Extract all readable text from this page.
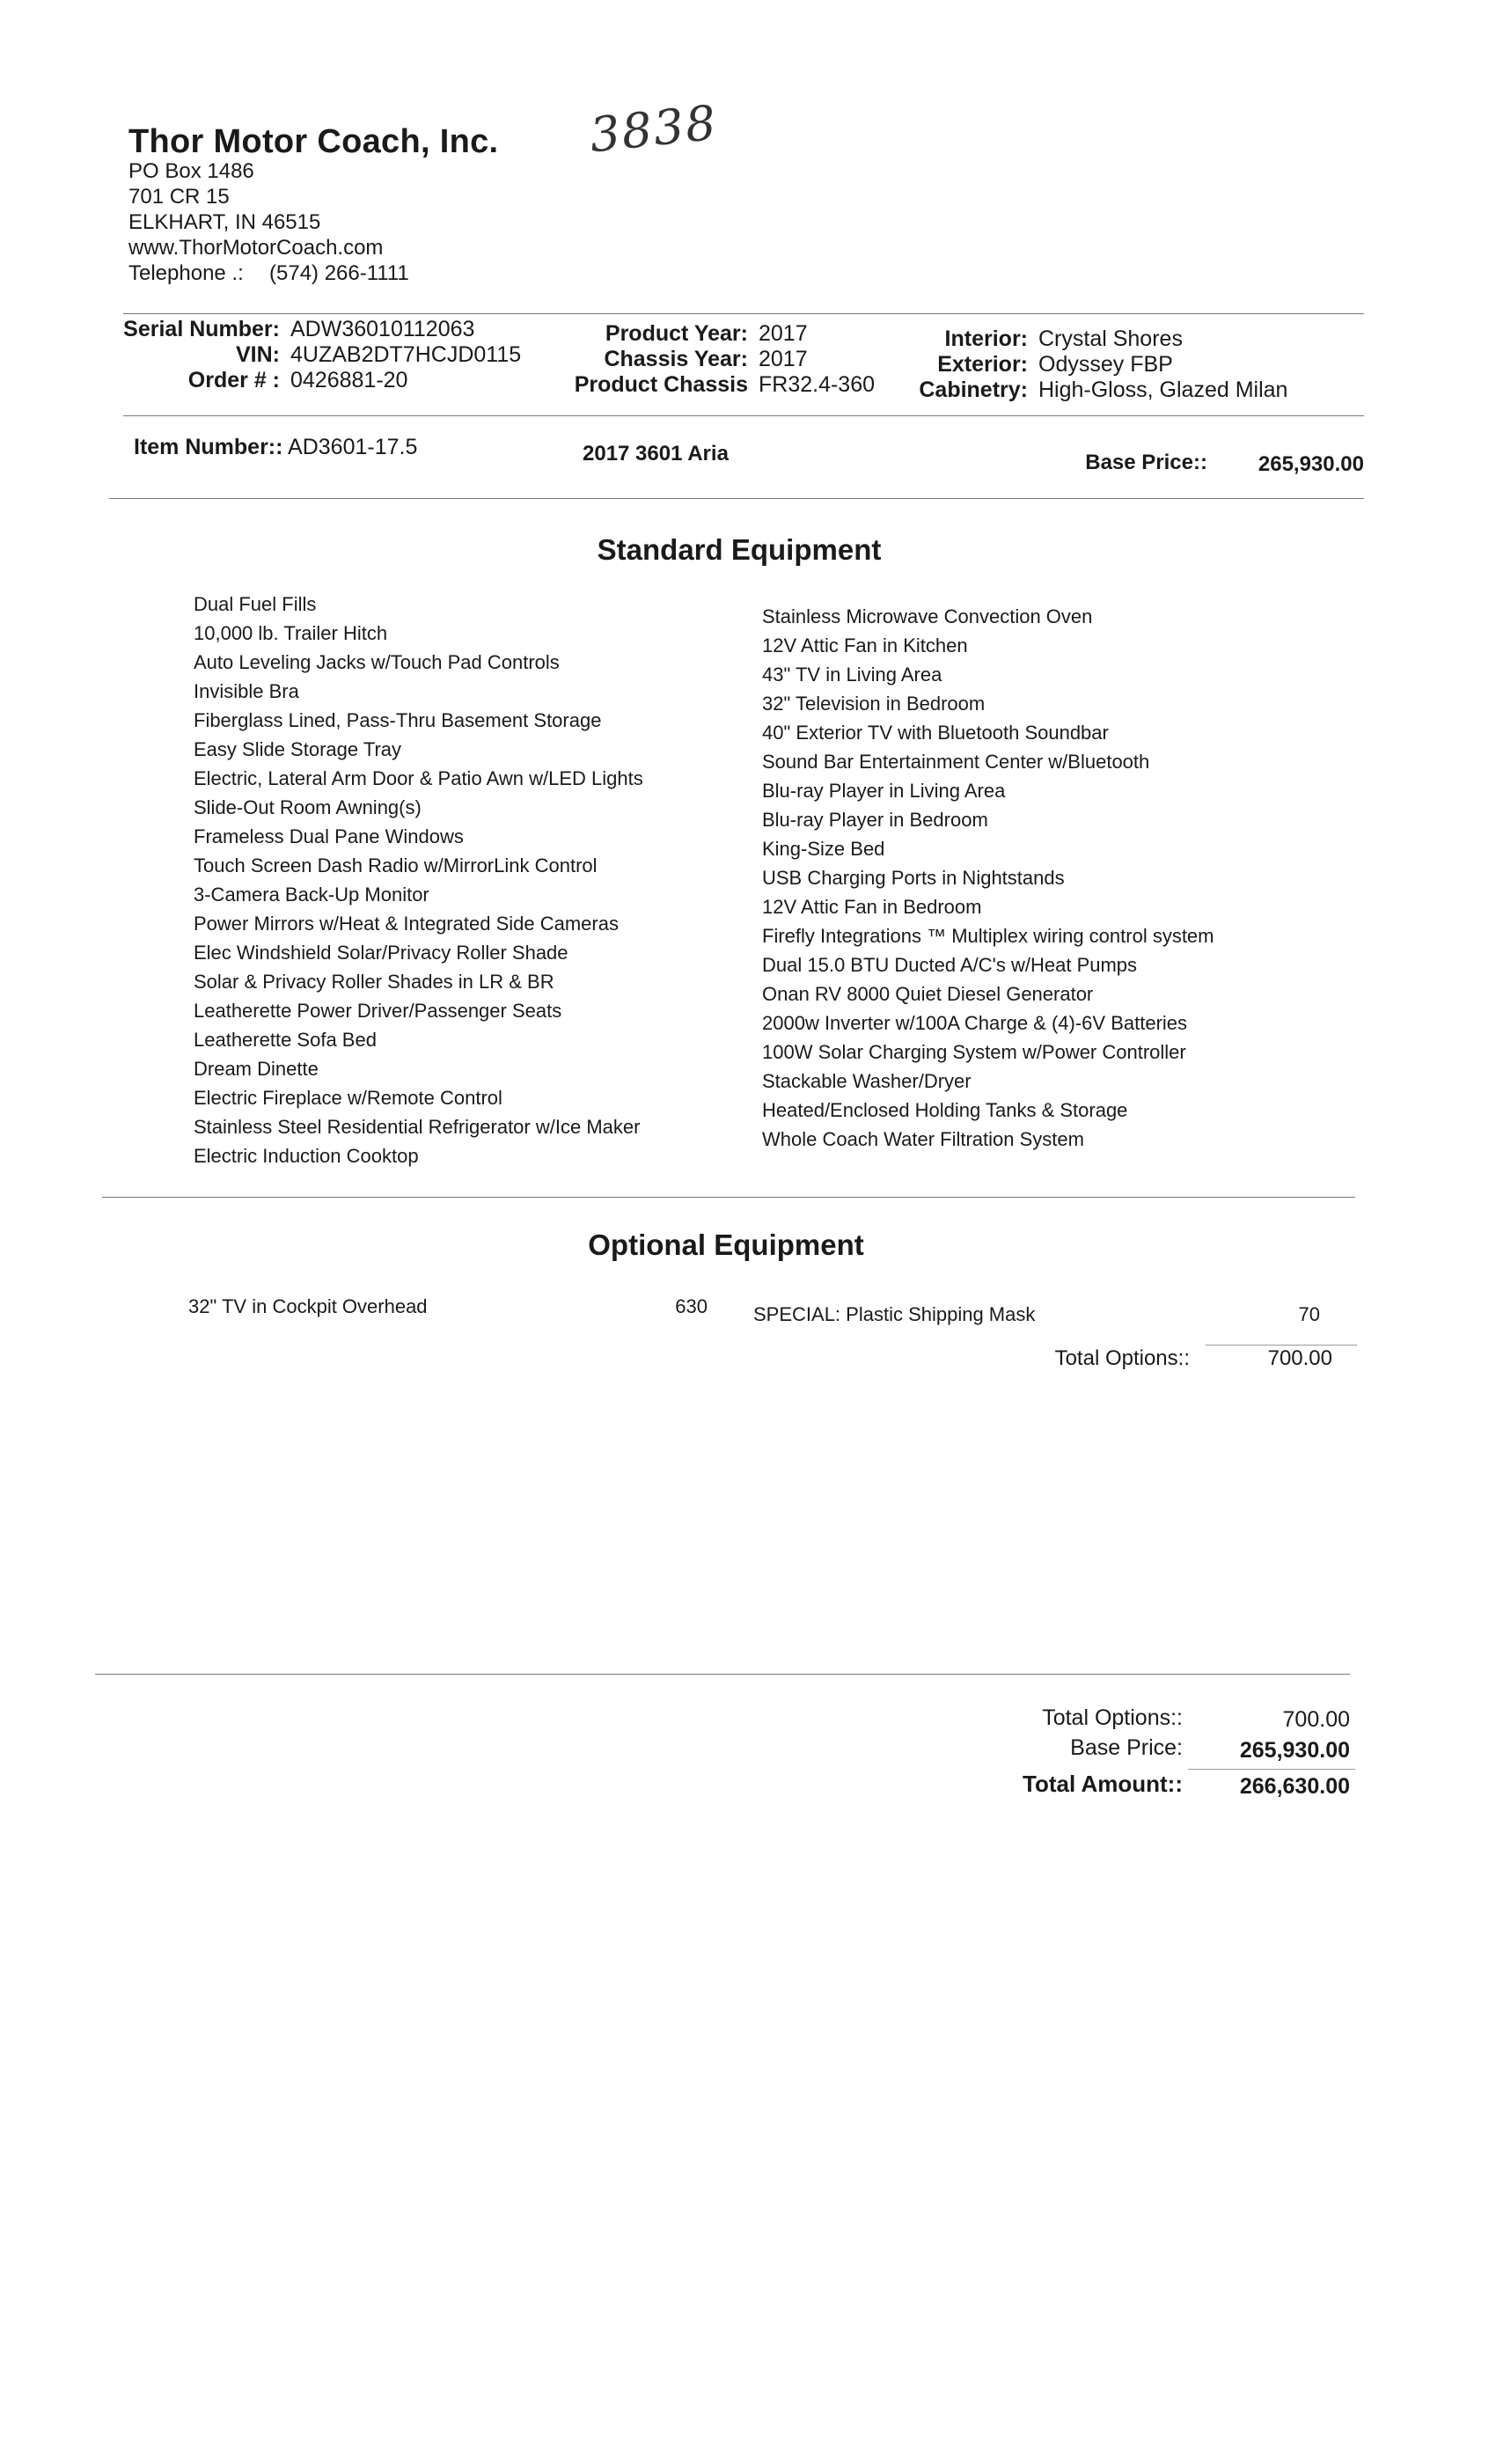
Thor Motor Coach, Inc. 3838
PO Box 1486
701 CR 15
ELKHART, IN 46515
www.ThorMotorCoach.com
Telephone .: (574) 266-1111
Serial Number: ADW36010112063
VIN: 4UZAB2DT7HCJD0115
Order # : 0426881-20
Product Year: 2017
Chassis Year: 2017
Product Chassis FR32.4-360
Interior: Crystal Shores
Exterior: Odyssey FBP
Cabinetry: High-Gloss, Glazed Milan
Item Number:: AD3601-17.5	2017 3601 Aria	Base Price::	265,930.00
Standard Equipment
Dual Fuel Fills
10,000 lb. Trailer Hitch
Auto Leveling Jacks w/Touch Pad Controls
Invisible Bra
Fiberglass Lined, Pass-Thru Basement Storage
Easy Slide Storage Tray
Electric, Lateral Arm Door & Patio Awn w/LED Lights
Slide-Out Room Awning(s)
Frameless Dual Pane Windows
Touch Screen Dash Radio w/MirrorLink Control
3-Camera Back-Up Monitor
Power Mirrors w/Heat & Integrated Side Cameras
Elec Windshield Solar/Privacy Roller Shade
Solar & Privacy Roller Shades in LR & BR
Leatherette Power Driver/Passenger Seats
Leatherette Sofa Bed
Dream Dinette
Electric Fireplace w/Remote Control
Stainless Steel Residential Refrigerator w/Ice Maker
Electric Induction Cooktop
Stainless Microwave Convection Oven
12V Attic Fan in Kitchen
43" TV in Living Area
32" Television in Bedroom
40" Exterior TV with Bluetooth Soundbar
Sound Bar Entertainment Center w/Bluetooth
Blu-ray Player in Living Area
Blu-ray Player in Bedroom
King-Size Bed
USB Charging Ports in Nightstands
12V Attic Fan in Bedroom
Firefly Integrations ™ Multiplex wiring control system
Dual 15.0 BTU Ducted A/C's w/Heat Pumps
Onan RV 8000 Quiet Diesel Generator
2000w Inverter w/100A Charge & (4)-6V Batteries
100W Solar Charging System w/Power Controller
Stackable Washer/Dryer
Heated/Enclosed Holding Tanks & Storage
Whole Coach Water Filtration System
Optional Equipment
32" TV in Cockpit Overhead	630 SPECIAL: Plastic Shipping Mask	70
Total Options::	700.00
Total Options::	700.00
Base Price:	265,930.00
Total Amount::	266,630.00
